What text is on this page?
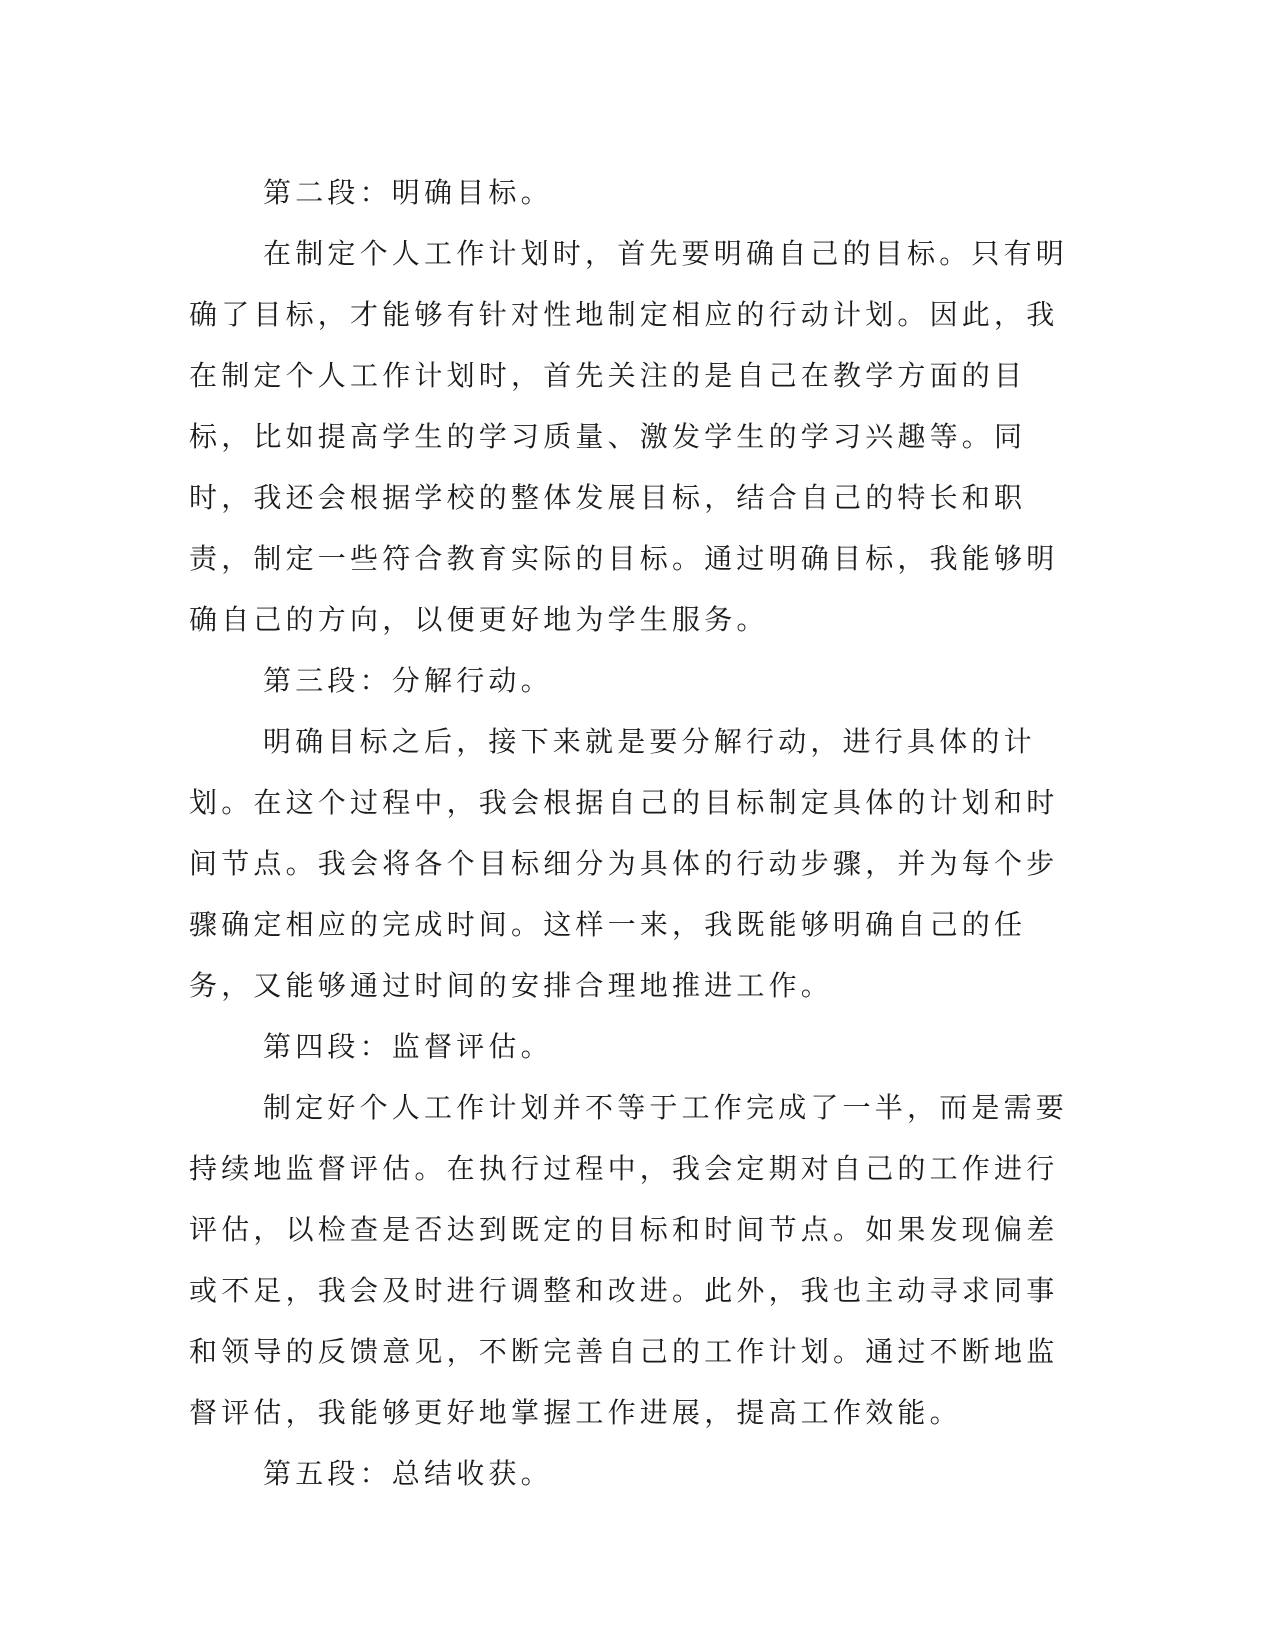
第二段：明确目标。

在制定个人工作计划时，首先要明确自己的目标。只有明确了目标，才能够有针对性地制定相应的行动计划。因此，我在制定个人工作计划时，首先关注的是自己在教学方面的目标，比如提高学生的学习质量、激发学生的学习兴趣等。同时，我还会根据学校的整体发展目标，结合自己的特长和职责，制定一些符合教育实际的目标。通过明确目标，我能够明确自己的方向，以便更好地为学生服务。

第三段：分解行动。

明确目标之后，接下来就是要分解行动，进行具体的计划。在这个过程中，我会根据自己的目标制定具体的计划和时间节点。我会将各个目标细分为具体的行动步骤，并为每个步骤确定相应的完成时间。这样一来，我既能够明确自己的任务，又能够通过时间的安排合理地推进工作。

第四段：监督评估。

制定好个人工作计划并不等于工作完成了一半，而是需要持续地监督评估。在执行过程中，我会定期对自己的工作进行评估，以检查是否达到既定的目标和时间节点。如果发现偏差或不足，我会及时进行调整和改进。此外，我也主动寻求同事和领导的反馈意见，不断完善自己的工作计划。通过不断地监督评估，我能够更好地掌握工作进展，提高工作效能。

第五段：总结收获。
